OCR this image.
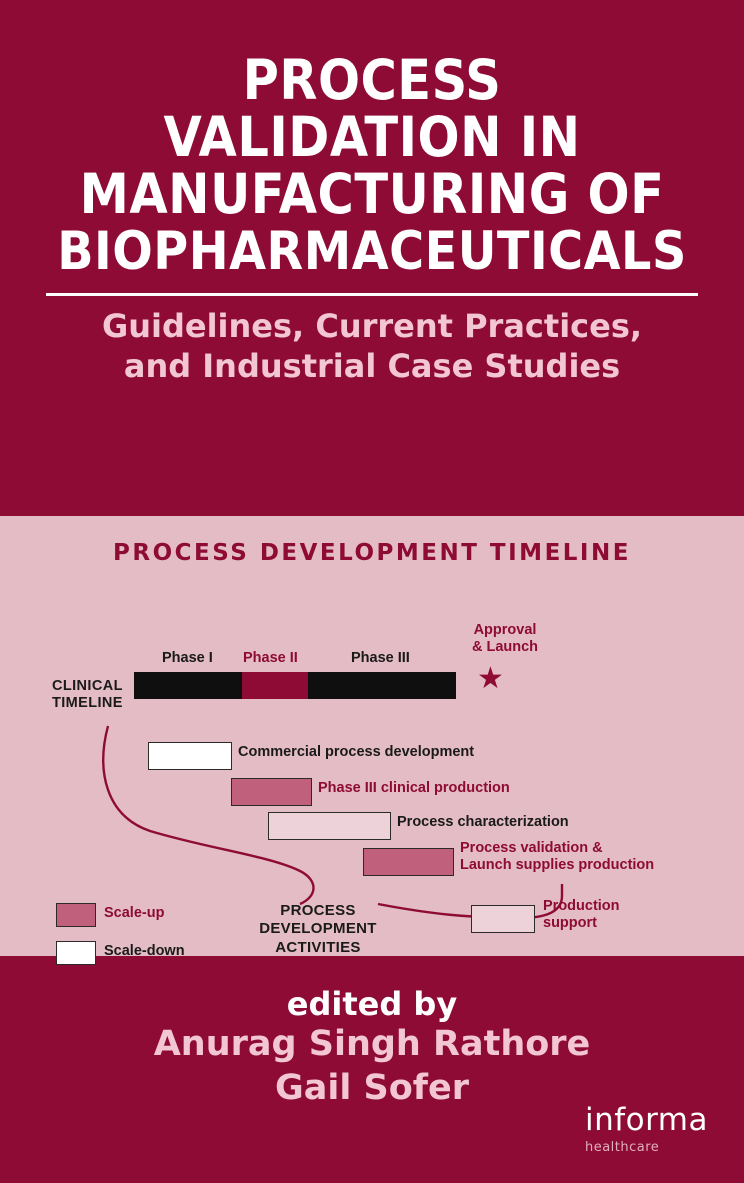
PROCESS
VALIDATION IN
MANUFACTURING OF
BIOPHARMACEUTICALS
Guidelines, Current Practices,
and Industrial Case Studies
PROCESS DEVELOPMENT TIMELINE
CLINICAL
TIMELINE
Phase I Phase II	Phase III
Approval
& Launch
★
Commercial process development
Phase III clinical production
Process characterization
Process validation &
Launch supplies production
Production
support
Scale-up
Scale-down
PROCESS
DEVELOPMENT
ACTIVITIES
edited by
Anurag Singh Rathore
Gail Sofer
informa
healthcare
